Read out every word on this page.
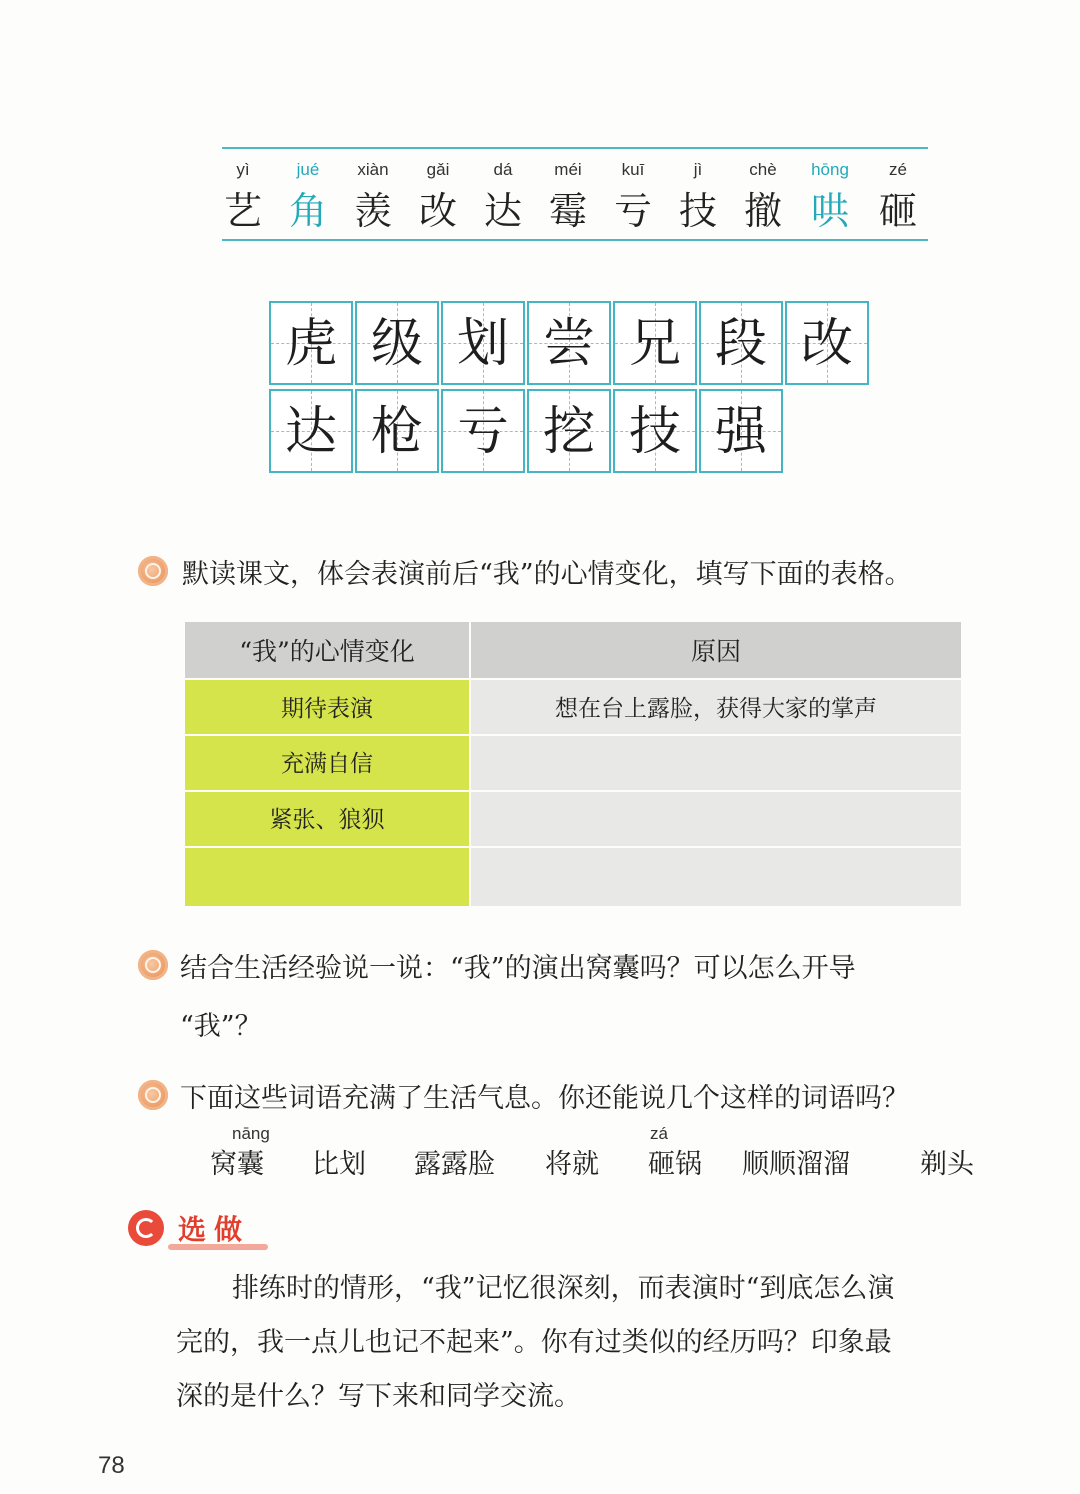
yì	jué	xiàn	gǎi	dá	méi	kuī	jì	chè	hōng	zé
艺 角 羡 改 达 霉 亏 技 撤 哄 砸
虎 级 划 尝 兄 段 改
达 枪 亏 挖 技 强
默读课文，体会表演前后“我”的心情变化，填写下面的表格。
“我”的心情变化	原因
期待表演	想在台上露脸，获得大家的掌声
充满自信
紧张、狼狈
结合生活经验说一说：“我”的演出窝囊吗？可以怎么开导
“我”？
下面这些词语充满了生活气息。你还能说几个这样的词语吗？
nāng
窝囊 比划 露露脸 将就
zá
砸锅 顺顺溜溜	剃头
选做
排练时的情形，“我”记忆很深刻，而表演时“到底怎么演
完的，我一点儿也记不起来”。你有过类似的经历吗？印象最
深的是什么？写下来和同学交流。
78
